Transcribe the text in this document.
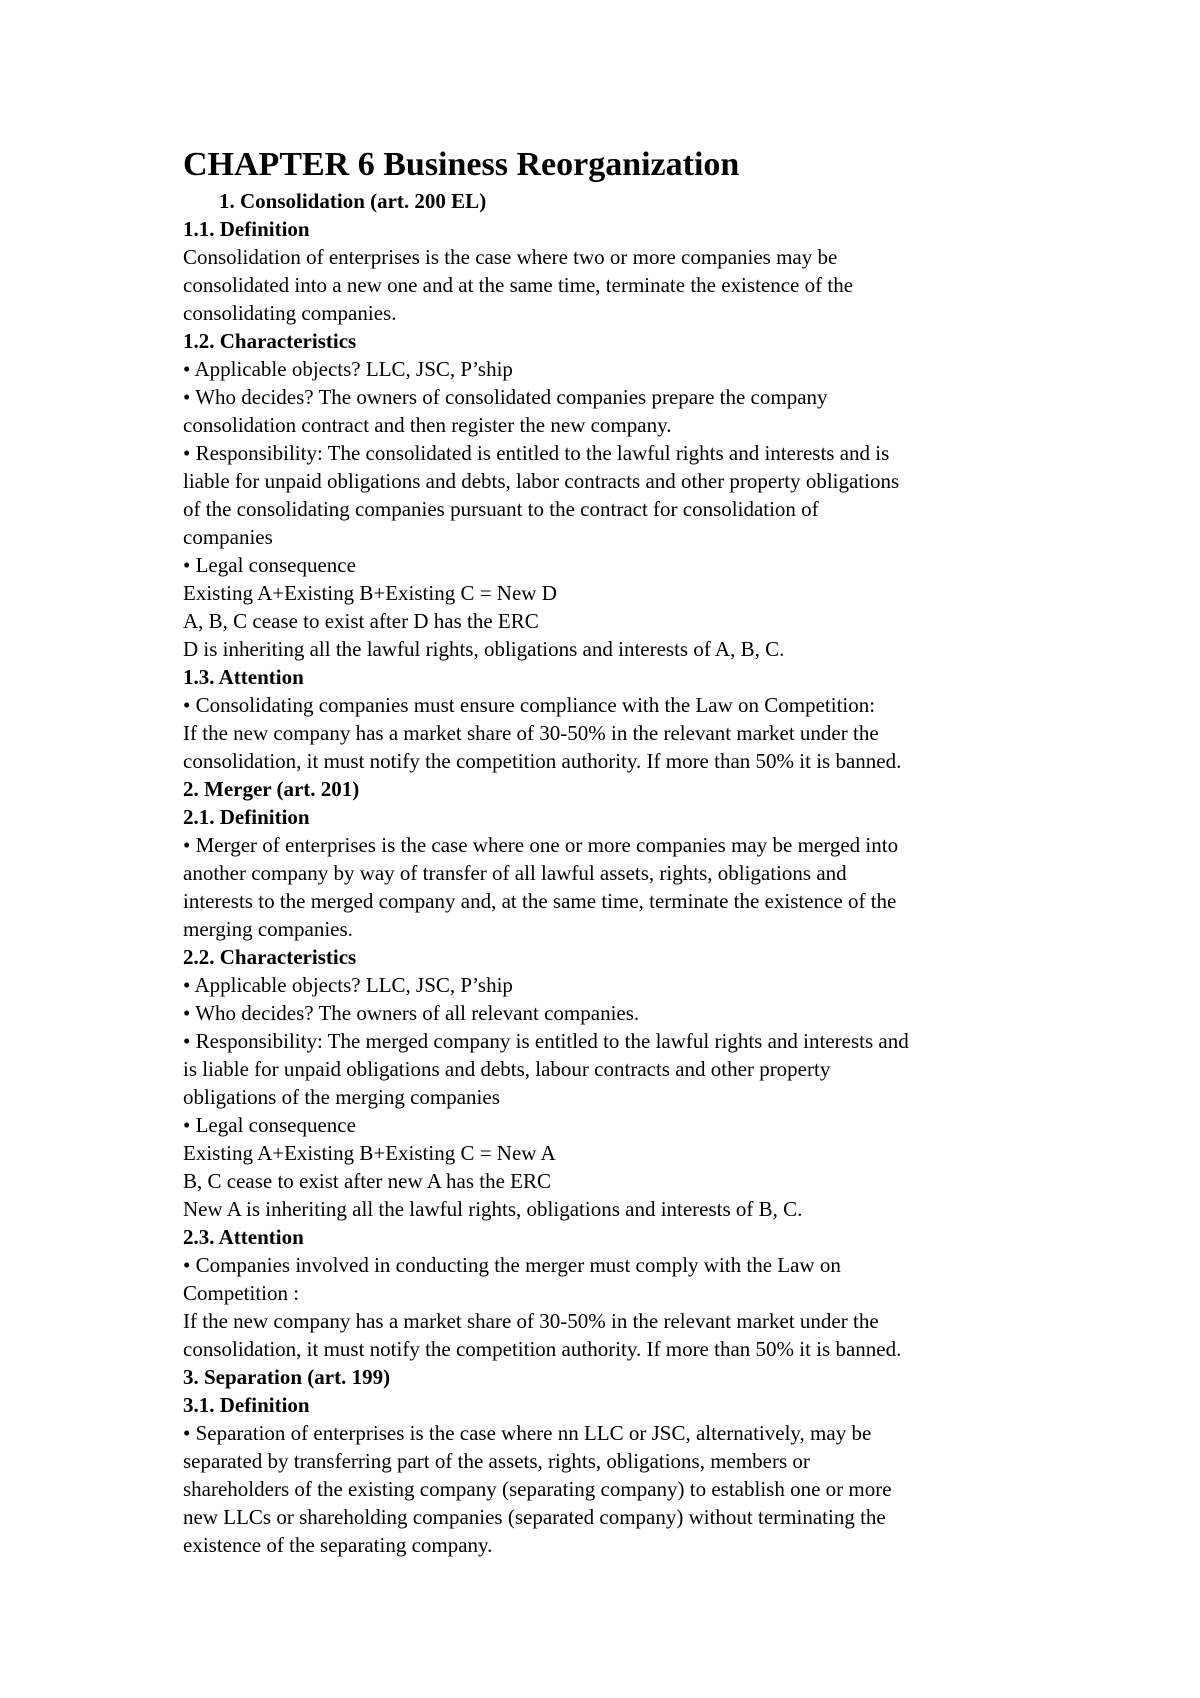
CHAPTER 6 Business Reorganization

1. Consolidation (art. 200 EL)

1.1. Definition

Consolidation of enterprises is the case where two or more companies may be

consolidated into a new one and at the same time, terminate the existence of the

consolidating companies.

1.2. Characteristics

• Applicable objects? LLC, JSC, P’ship

• Who decides? The owners of consolidated companies prepare the company

consolidation contract and then register the new company.

• Responsibility: The consolidated is entitled to the lawful rights and interests and is

liable for unpaid obligations and debts, labor contracts and other property obligations

of the consolidating companies pursuant to the contract for consolidation of

companies

• Legal consequence

Existing A+Existing B+Existing C = New D

A, B, C cease to exist after D has the ERC

D is inheriting all the lawful rights, obligations and interests of A, B, C.

1.3. Attention

• Consolidating companies must ensure compliance with the Law on Competition:

If the new company has a market share of 30-50% in the relevant market under the

consolidation, it must notify the competition authority. If more than 50% it is banned.

2. Merger (art. 201)

2.1. Definition

• Merger of enterprises is the case where one or more companies may be merged into

another company by way of transfer of all lawful assets, rights, obligations and

interests to the merged company and, at the same time, terminate the existence of the

merging companies.

2.2. Characteristics

• Applicable objects? LLC, JSC, P’ship

• Who decides? The owners of all relevant companies.

• Responsibility: The merged company is entitled to the lawful rights and interests and

is liable for unpaid obligations and debts, labour contracts and other property

obligations of the merging companies

• Legal consequence

Existing A+Existing B+Existing C = New A

B, C cease to exist after new A has the ERC

New A is inheriting all the lawful rights, obligations and interests of B, C.

2.3. Attention

• Companies involved in conducting the merger must comply with the Law on

Competition :

If the new company has a market share of 30-50% in the relevant market under the

consolidation, it must notify the competition authority. If more than 50% it is banned.

3. Separation (art. 199)

3.1. Definition

• Separation of enterprises is the case where nn LLC or JSC, alternatively, may be

separated by transferring part of the assets, rights, obligations, members or

shareholders of the existing company (separating company) to establish one or more

new LLCs or shareholding companies (separated company) without terminating the

existence of the separating company.
